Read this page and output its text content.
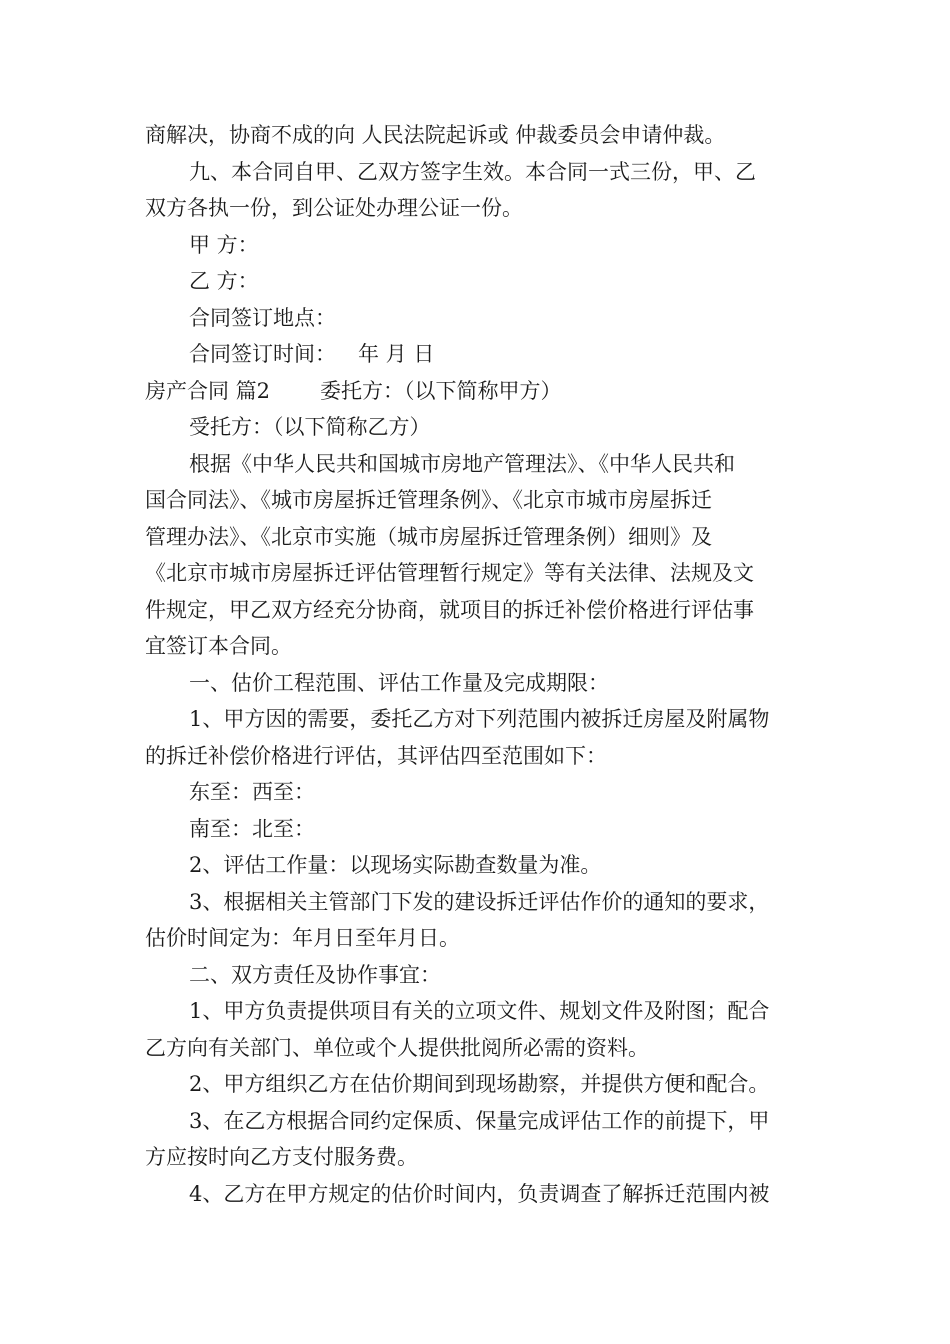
商解决，协商不成的向 人民法院起诉或 仲裁委员会申请仲裁。
九、本合同自甲、乙双方签字生效。本合同一式三份，甲、乙
双方各执一份，到公证处办理公证一份。
甲 方：
乙 方：
合同签订地点：
合同签订时间： 年 月 日
房产合同 篇2 委托方：（以下简称甲方）
受托方：（以下简称乙方）
根据《中华人民共和国城市房地产管理法》、《中华人民共和
国合同法》、《城市房屋拆迁管理条例》、《北京市城市房屋拆迁
管理办法》、《北京市实施（城市房屋拆迁管理条例）细则》及
《北京市城市房屋拆迁评估管理暂行规定》等有关法律、法规及文
件规定，甲乙双方经充分协商，就项目的拆迁补偿价格进行评估事
宜签订本合同。
一、估价工程范围、评估工作量及完成期限：
1、甲方因的需要，委托乙方对下列范围内被拆迁房屋及附属物
的拆迁补偿价格进行评估，其评估四至范围如下：
东至：西至：
南至：北至：
2、评估工作量：以现场实际勘查数量为准。
3、根据相关主管部门下发的建设拆迁评估作价的通知的要求，
估价时间定为：年月日至年月日。
二、双方责任及协作事宜：
1、甲方负责提供项目有关的立项文件、规划文件及附图；配合
乙方向有关部门、单位或个人提供批阅所必需的资料。
2、甲方组织乙方在估价期间到现场勘察，并提供方便和配合。
3、在乙方根据合同约定保质、保量完成评估工作的前提下，甲
方应按时向乙方支付服务费。
4、乙方在甲方规定的估价时间内，负责调查了解拆迁范围内被
